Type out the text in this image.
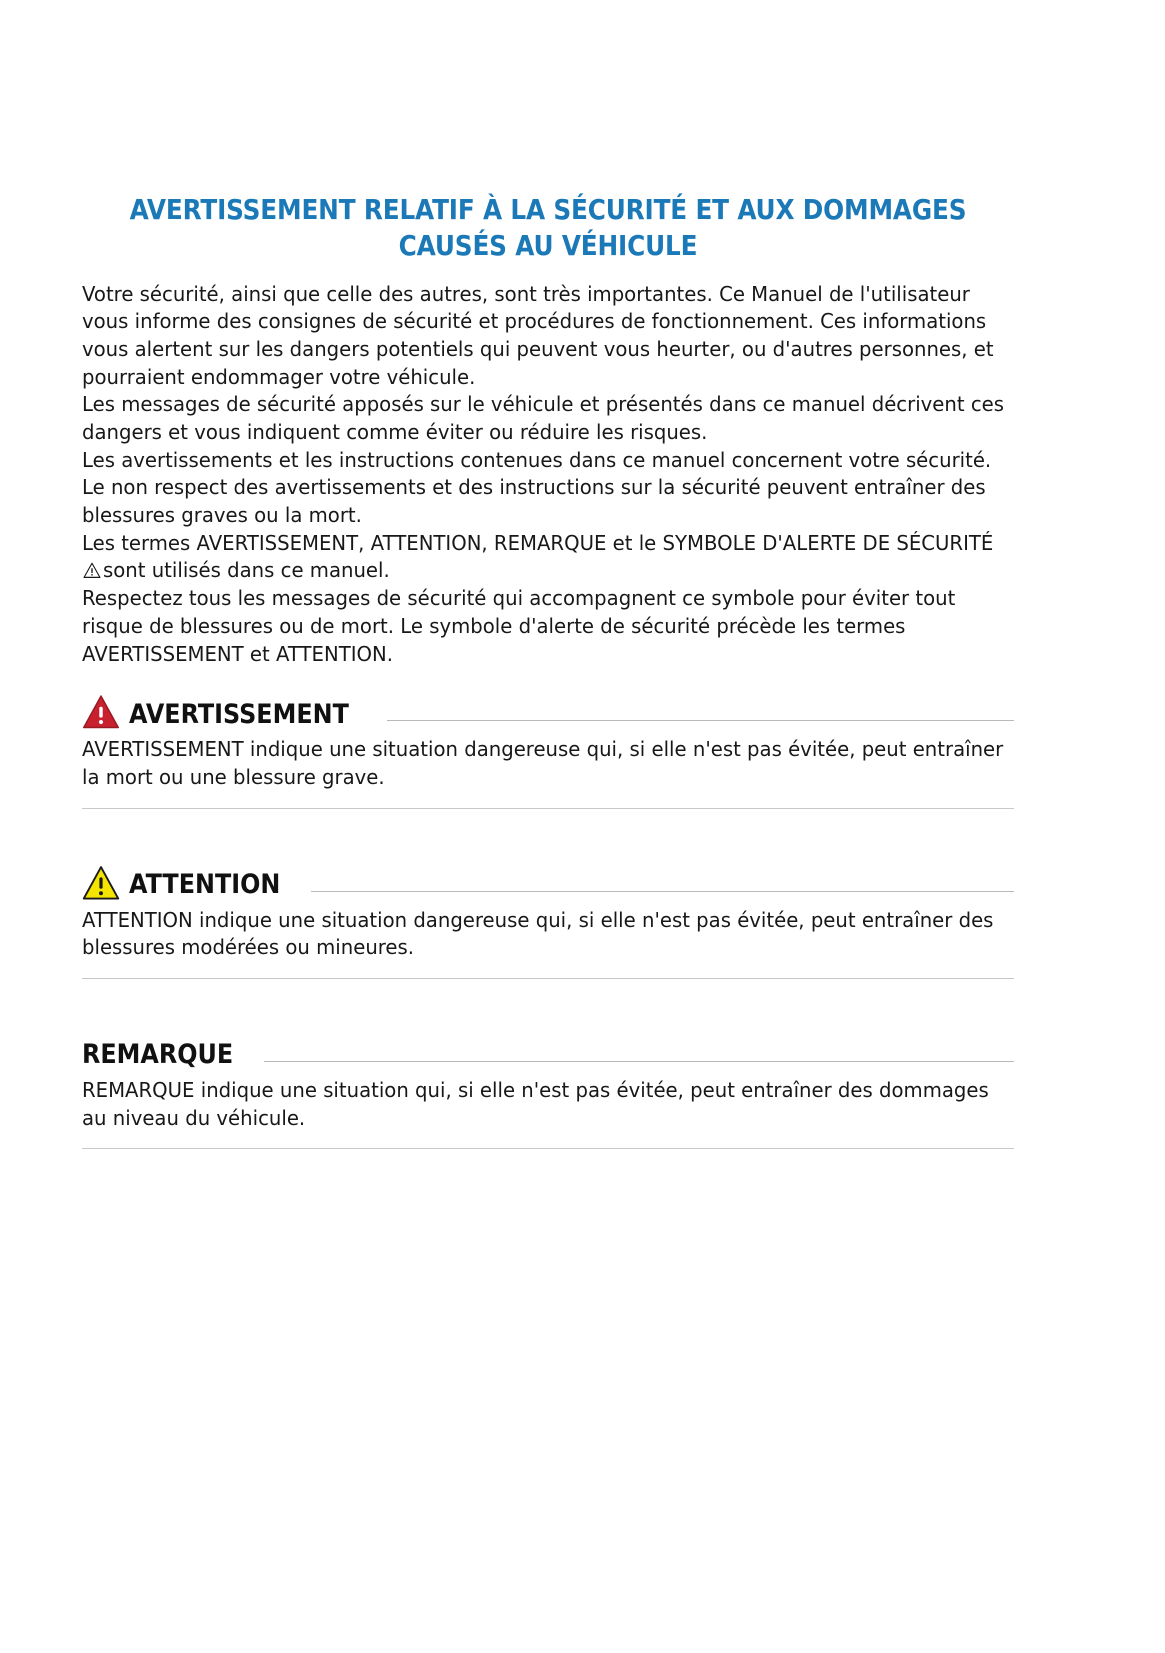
AVERTISSEMENT RELATIF À LA SÉCURITÉ ET AUX DOMMAGES
CAUSÉS AU VÉHICULE

Votre sécurité, ainsi que celle des autres, sont très importantes. Ce Manuel de l'utilisateur vous informe des consignes de sécurité et procédures de fonctionnement. Ces informations vous alertent sur les dangers potentiels qui peuvent vous heurter, ou d'autres personnes, et pourraient endommager votre véhicule.

Les messages de sécurité apposés sur le véhicule et présentés dans ce manuel décrivent ces dangers et vous indiquent comme éviter ou réduire les risques.

Les avertissements et les instructions contenues dans ce manuel concernent votre sécurité. Le non respect des avertissements et des instructions sur la sécurité peuvent entraîner des blessures graves ou la mort.

Les termes AVERTISSEMENT, ATTENTION, REMARQUE et le SYMBOLE D'ALERTE DE SÉCURITÉ
sont utilisés dans ce manuel.

Respectez tous les messages de sécurité qui accompagnent ce symbole pour éviter tout risque de blessures ou de mort. Le symbole d'alerte de sécurité précède les termes AVERTISSEMENT et ATTENTION.

AVERTISSEMENT

AVERTISSEMENT indique une situation dangereuse qui, si elle n'est pas évitée, peut entraîner la mort ou une blessure grave.

ATTENTION

ATTENTION indique une situation dangereuse qui, si elle n'est pas évitée, peut entraîner des blessures modérées ou mineures.

REMARQUE

REMARQUE indique une situation qui, si elle n'est pas évitée, peut entraîner des dommages au niveau du véhicule.
